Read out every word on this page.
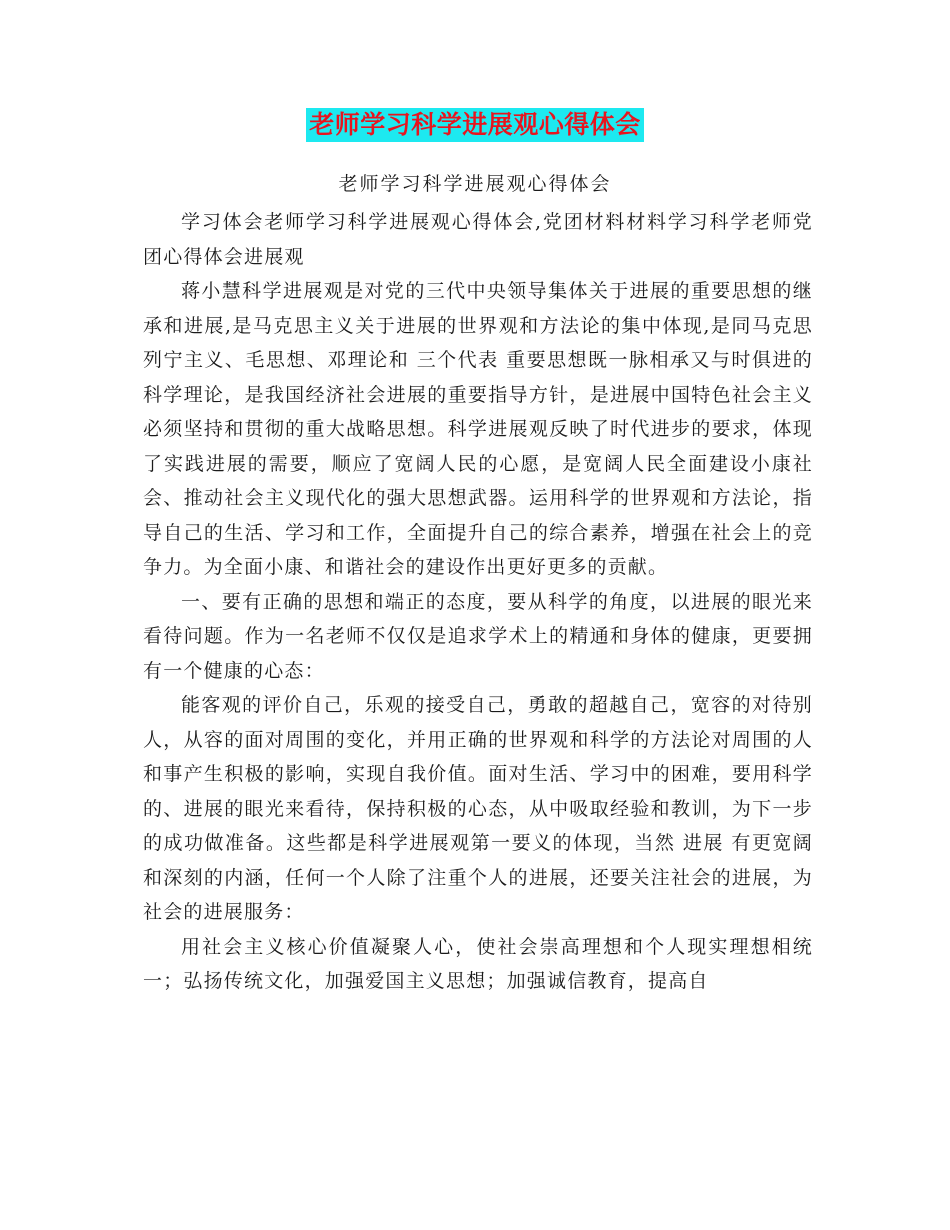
老师学习科学进展观心得体会
老师学习科学进展观心得体会

学习体会老师学习科学进展观心得体会,党团材料材料学习科学老师党团心得体会进展观

蒋小慧科学进展观是对党的三代中央领导集体关于进展的重要思想的继承和进展,是马克思主义关于进展的世界观和方法论的集中体现,是同马克思列宁主义、毛思想、邓理论和 三个代表 重要思想既一脉相承又与时俱进的科学理论，是我国经济社会进展的重要指导方针，是进展中国特色社会主义必须坚持和贯彻的重大战略思想。科学进展观反映了时代进步的要求，体现了实践进展的需要，顺应了宽阔人民的心愿，是宽阔人民全面建设小康社会、推动社会主义现代化的强大思想武器。运用科学的世界观和方法论，指导自己的生活、学习和工作，全面提升自己的综合素养，增强在社会上的竞争力。为全面小康、和谐社会的建设作出更好更多的贡献。

一、要有正确的思想和端正的态度，要从科学的角度，以进展的眼光来看待问题。作为一名老师不仅仅是追求学术上的精通和身体的健康，更要拥有一个健康的心态：

能客观的评价自己，乐观的接受自己，勇敢的超越自己，宽容的对待别人，从容的面对周围的变化，并用正确的世界观和科学的方法论对周围的人和事产生积极的影响，实现自我价值。面对生活、学习中的困难，要用科学的、进展的眼光来看待，保持积极的心态，从中吸取经验和教训，为下一步的成功做准备。这些都是科学进展观第一要义的体现，当然 进展 有更宽阔和深刻的内涵，任何一个人除了注重个人的进展，还要关注社会的进展，为社会的进展服务：

用社会主义核心价值凝聚人心，使社会崇高理想和个人现实理想相统一；弘扬传统文化，加强爱国主义思想；加强诚信教育，提高自
